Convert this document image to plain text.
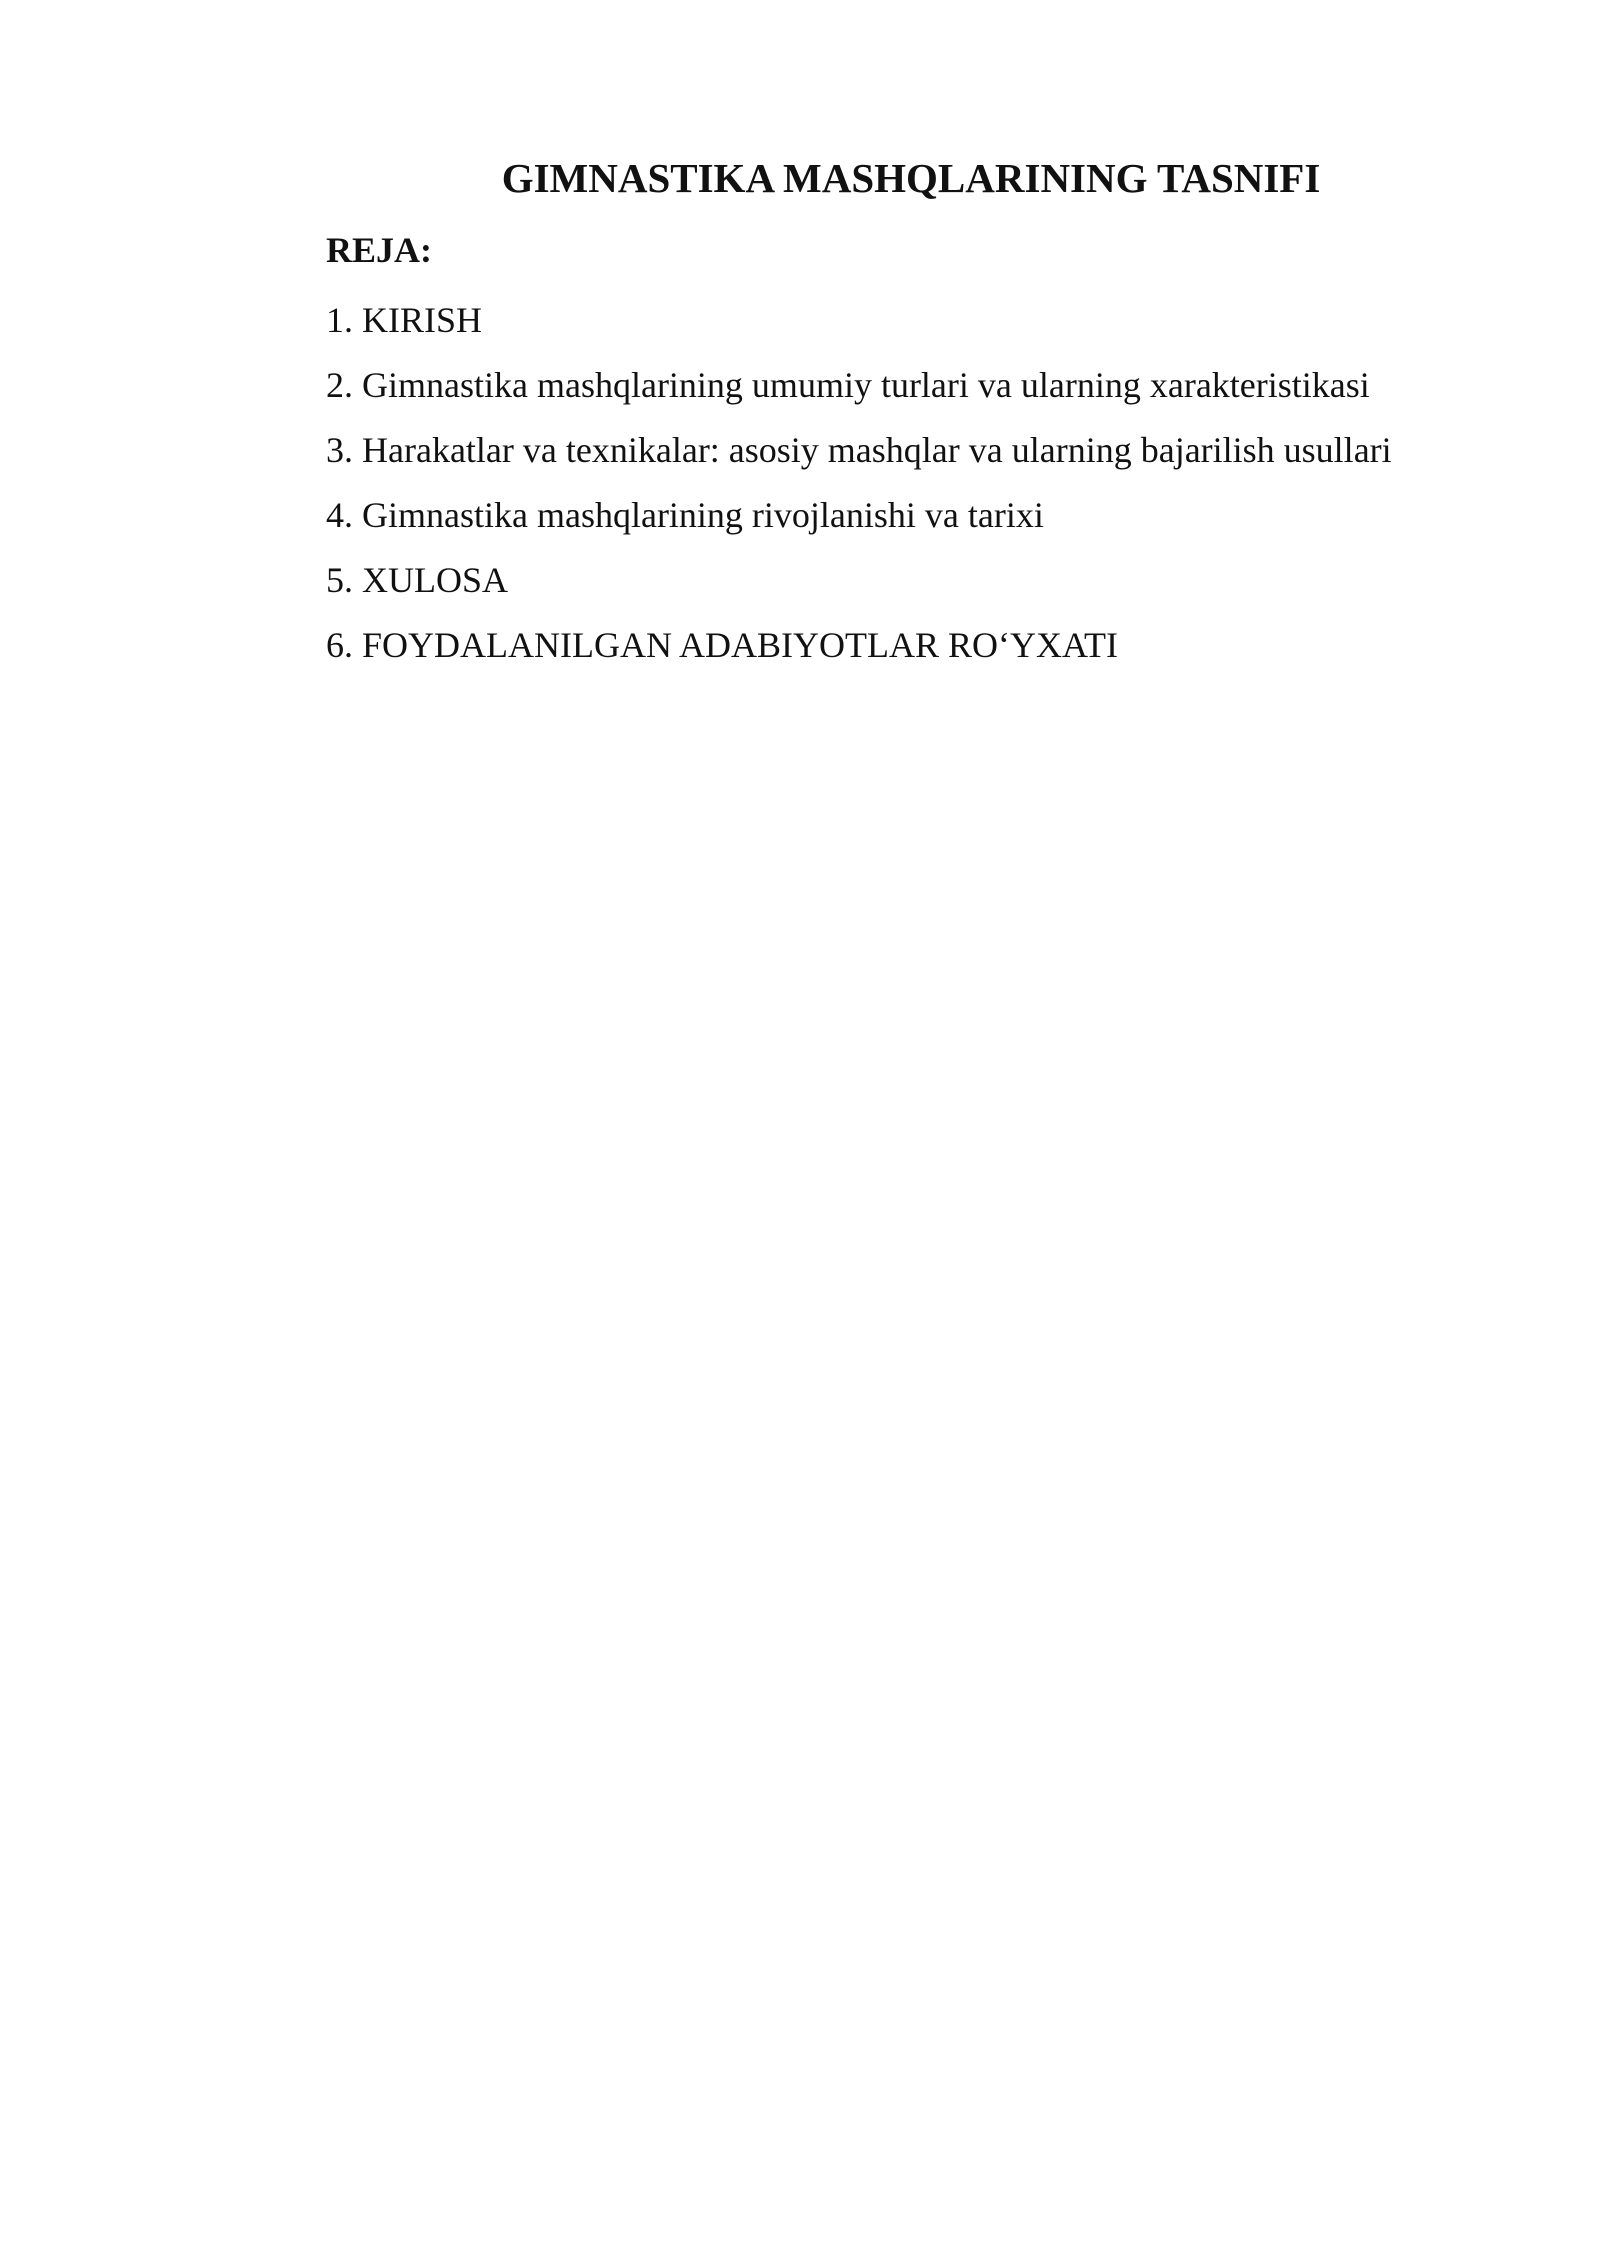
GIMNASTIKA MASHQLARINING TASNIFI
REJA:
1. KIRISH
2. Gimnastika mashqlarining umumiy turlari va ularning xarakteristikasi
3. Harakatlar va texnikalar: asosiy mashqlar va ularning bajarilish usullari
4. Gimnastika mashqlarining rivojlanishi va tarixi
5. XULOSA
6. FOYDALANILGAN ADABIYOTLAR RO‘YXATI
